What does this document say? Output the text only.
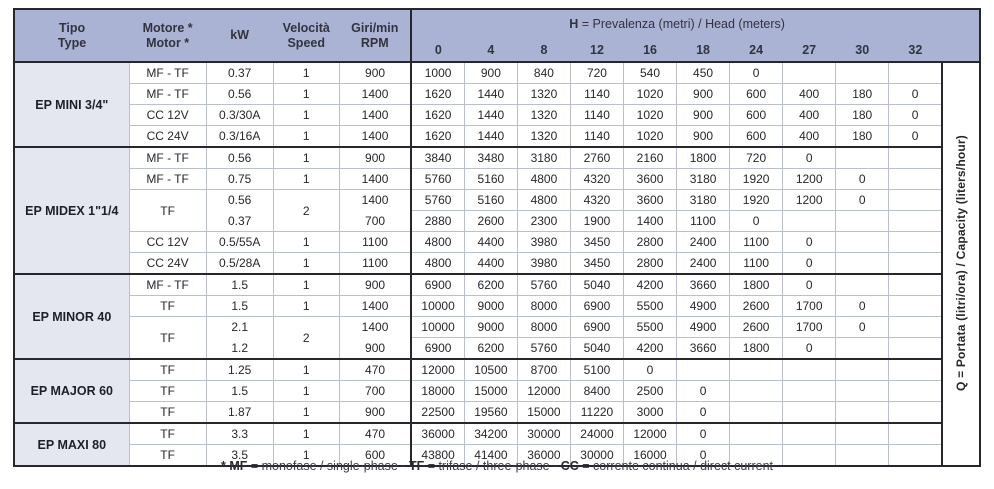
Tipo
Type

Motore *
Motor *
	kW	
Velocità
Speed

Giri/min
RPM
	H = Prevalenza (metri) / Head (meters)	
					0	4	8	12	16	18	24	27	30	32	
EP MINI 3/4"	MF - TF	0.37	1	900	1000	900	840	720	540	450	0				Q = Portata (litri/ora) / Capacity (liters/hour)
	MF - TF	0.56	1	1400	1620	1440	1320	1140	1020	900	600	400	180	0	
	CC 12V	0.3/30A	1	1400	1620	1440	1320	1140	1020	900	600	400	180	0	
	CC 24V	0.3/16A	1	1400	1620	1440	1320	1140	1020	900	600	400	180	0	
EP MIDEX 1"1/4	MF - TF	0.56	1	900	3840	3480	3180	2760	2160	1800	720	0			
	MF - TF	0.75	1	1400	5760	5160	4800	4320	3600	3180	1920	1200	0		
	TF	0.56	2	1400	5760	5160	4800	4320	3600	3180	1920	1200	0		
		0.37		700	2880	2600	2300	1900	1400	1100	0				
	CC 12V	0.5/55A	1	1100	4800	4400	3980	3450	2800	2400	1100	0			
	CC 24V	0.5/28A	1	1100	4800	4400	3980	3450	2800	2400	1100	0			
EP MINOR 40	MF - TF	1.5	1	900	6900	6200	5760	5040	4200	3660	1800	0			
	TF	1.5	1	1400	10000	9000	8000	6900	5500	4900	2600	1700	0		
	TF	2.1	2	1400	10000	9000	8000	6900	5500	4900	2600	1700	0		
		1.2		900	6900	6200	5760	5040	4200	3660	1800	0			
EP MAJOR 60	TF	1.25	1	470	12000	10500	8700	5100	0						
	TF	1.5	1	700	18000	15000	12000	8400	2500	0					
	TF	1.87	1	900	22500	19560	15000	11220	3000	0					
EP MAXI 80	TF	3.3	1	470	36000	34200	30000	24000	12000	0					
	TF	3.5	1	600	43800	41400	36000	30000	16000	0					
* MF = monofase / single-phase - TF = trifase / three-phase - CC = corrente continua / direct current
